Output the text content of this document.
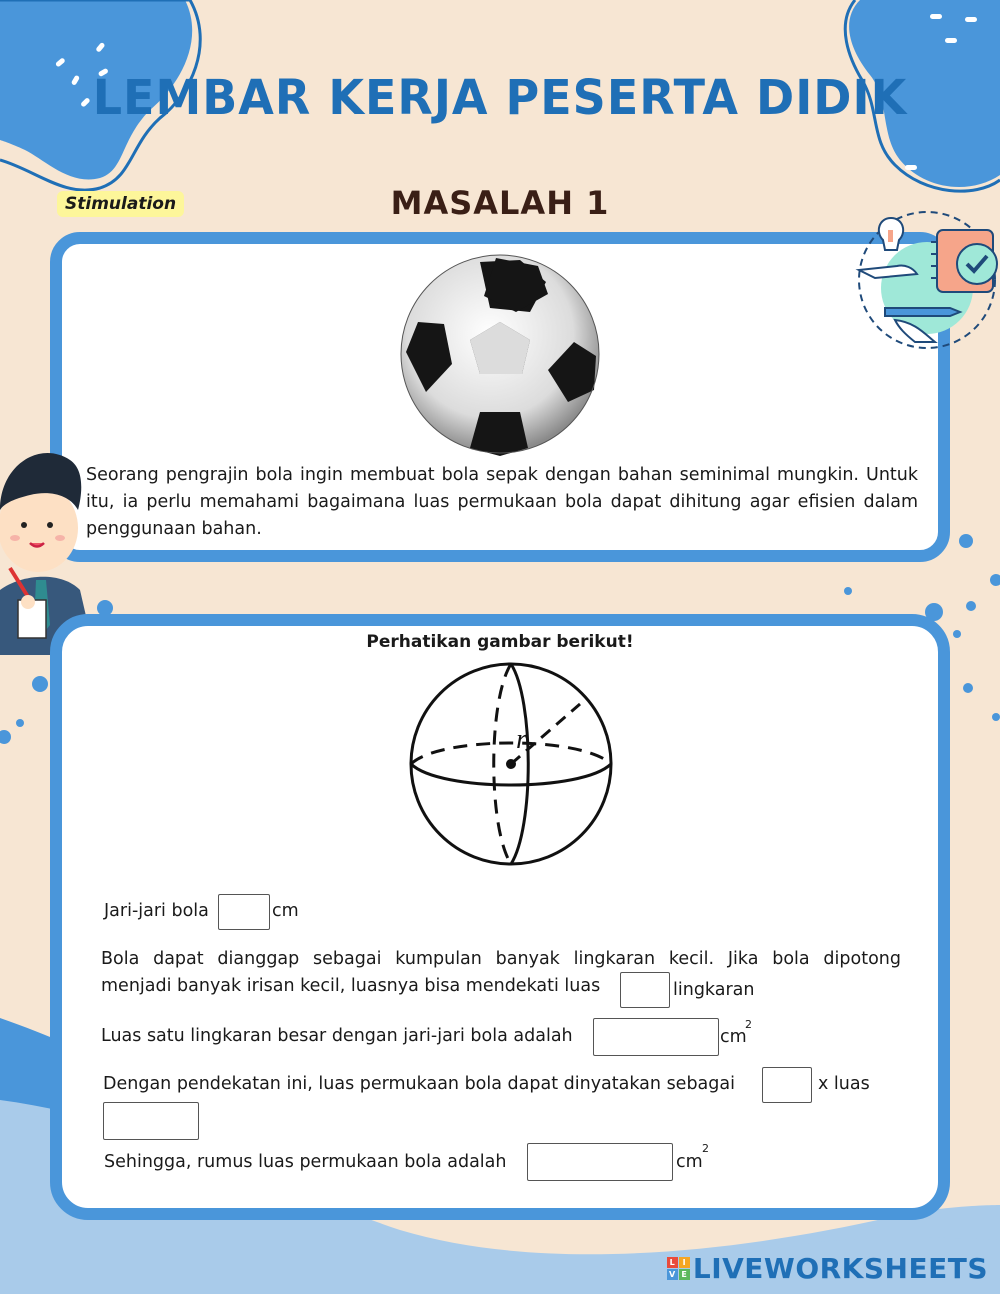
LEMBAR KERJA PESERTA DIDIK
MASALAH 1
Stimulation
Seorang pengrajin bola ingin membuat bola sepak dengan bahan seminimal mungkin. Untuk itu, ia perlu memahami bagaimana luas permukaan bola dapat dihitung agar efisien dalam penggunaan bahan.
Perhatikan gambar berikut!
r
Jari-jari bola	cm
Bola dapat dianggap sebagai kumpulan banyak lingkaran kecil. Jika bola dipotong
menjadi banyak irisan kecil, luasnya bisa mendekati luas	lingkaran
Luas satu lingkaran besar dengan jari-jari bola adalah	cm
2
Dengan pendekatan ini, luas permukaan bola dapat dinyatakan sebagai	x luas
Sehingga, rumus luas permukaan bola adalah	cm
2
L I
V E LIVEWORKSHEETS
